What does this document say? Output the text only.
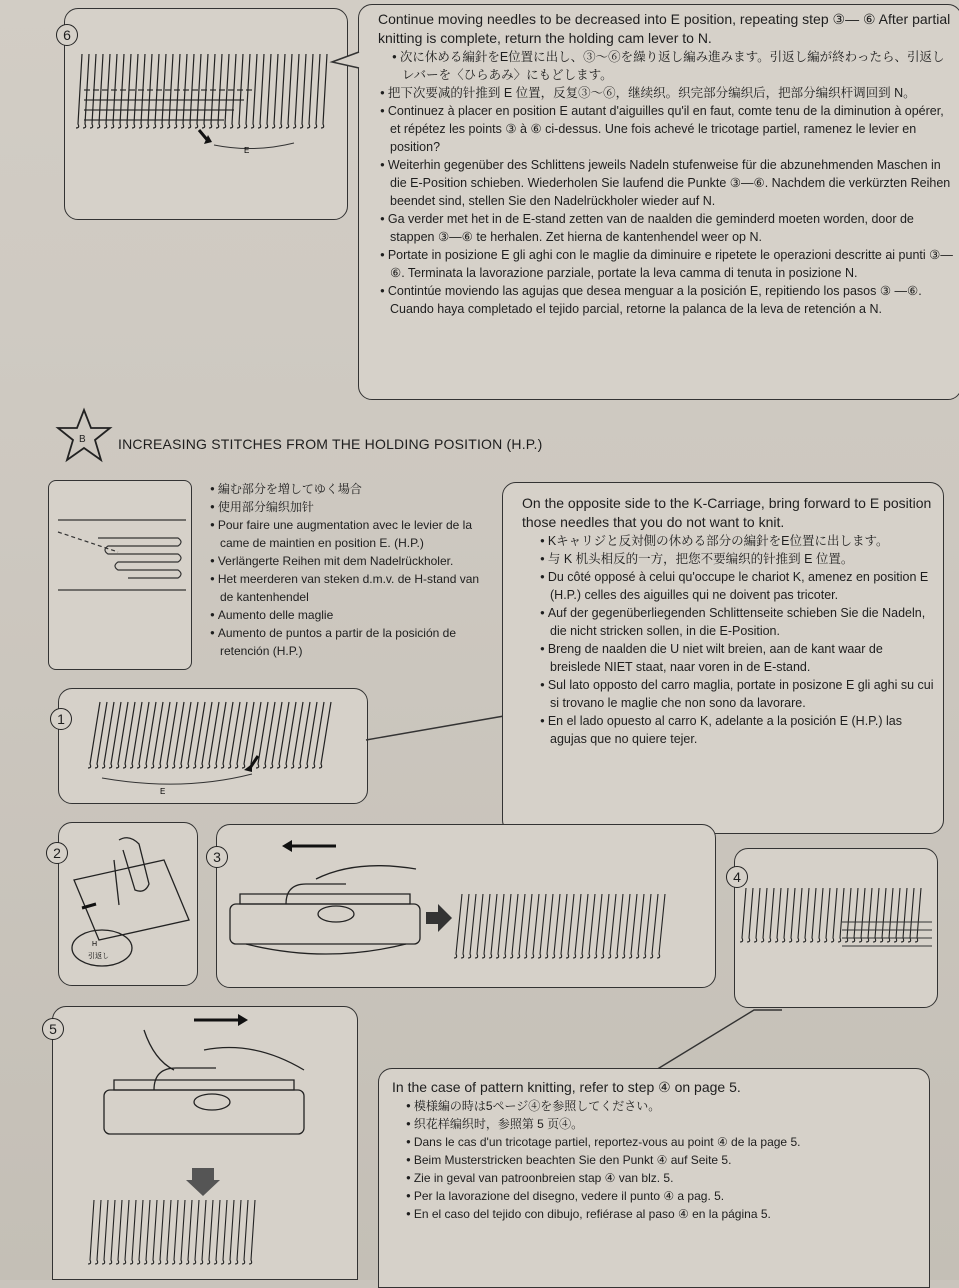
6
E

Continue moving needles to be decreased into E position, repeating step ③— ⑥ After partial knitting is complete, return the holding cam lever to N.

● 次に休める編針をE位置に出し、③〜⑥を繰り返し編み進みます。引返し編が終わったら、引返しレバーを〈ひらあみ〉にもどします。

● 把下次要减的针推到 E 位置，反复③〜⑥，继续织。织完部分编织后，把部分编织杆调回到 N。

● Continuez à placer en position E autant d'aiguilles qu'il en faut, comte tenu de la diminution à opérer, et répétez les points ③ à ⑥ ci-dessus. Une fois achevé le tricotage partiel, ramenez le levier en position?

● Weiterhin gegenüber des Schlittens jeweils Nadeln stufenweise für die abzunehmenden Maschen in die E-Position schieben. Wiederholen Sie laufend die Punkte ③—⑥. Nachdem die verkürzten Reihen beendet sind, stellen Sie den Nadelrückholer wieder auf N.

● Ga verder met het in de E-stand zetten van de naalden die geminderd moeten worden, door de stappen ③—⑥ te herhalen. Zet hierna de kantenhendel weer op N.

● Portate in posizione E gli aghi con le maglie da diminuire e ripetete le operazioni descritte ai punti ③—⑥. Terminata la lavorazione parziale, portate la leva camma di tenuta in posizione N.

● Contintúe moviendo las agujas que desea menguar a la posición E, repitiendo los pasos ③ —⑥. Cuando haya completado el tejido parcial, retorne la palanca de la leva de retención a N.

B INCREASING STITCHES FROM THE HOLDING POSITION (H.P.)

● 編む部分を増してゆく場合

● 使用部分编织加针

● Pour faire une augmentation avec le levier de la came de maintien en position E. (H.P.)

● Verlängerte Reihen mit dem Nadelrückholer.

● Het meerderen van steken d.m.v. de H-stand van de kantenhendel

● Aumento delle maglie

● Aumento de puntos a partir de la posición de retención (H.P.)

1
E

On the opposite side to the K-Carriage, bring forward to E position those needles that you do not want to knit.

● Kキャリジと反対側の休める部分の編針をE位置に出します。

● 与 K 机头相反的一方，把您不要编织的针推到 E 位置。

● Du côté opposé à celui qu'occupe le chariot K, amenez en position E (H.P.) celles des aiguilles qui ne doivent pas tricoter.

● Auf der gegenüberliegenden Schlittenseite schieben Sie die Nadeln, die nicht stricken sollen, in die E-Position.

● Breng de naalden die U niet wilt breien, aan de kant waar de breislede NIET staat, naar voren in de E-stand.

● Sul lato opposto del carro maglia, portate in posizone E gli aghi su cui si trovano le maglie che non sono da lavorare.

● En el lado opuesto al carro K, adelante a la posición E (H.P.) las agujas que no quiere tejer.

2
H
引返し
3
4
5

In the case of pattern knitting, refer to step ④ on page 5.

● 模様編の時は5ページ④を参照してください。

● 织花样编织时，参照第 5 页④。

● Dans le cas d'un tricotage partiel, reportez-vous au point ④ de la page 5.

● Beim Musterstricken beachten Sie den Punkt ④ auf Seite 5.

● Zie in geval van patroonbreien stap ④ van blz. 5.

● Per la lavorazione del disegno, vedere il punto ④ a pag. 5.

● En el caso del tejido con dibujo, refiérase al paso ④ en la página 5.
